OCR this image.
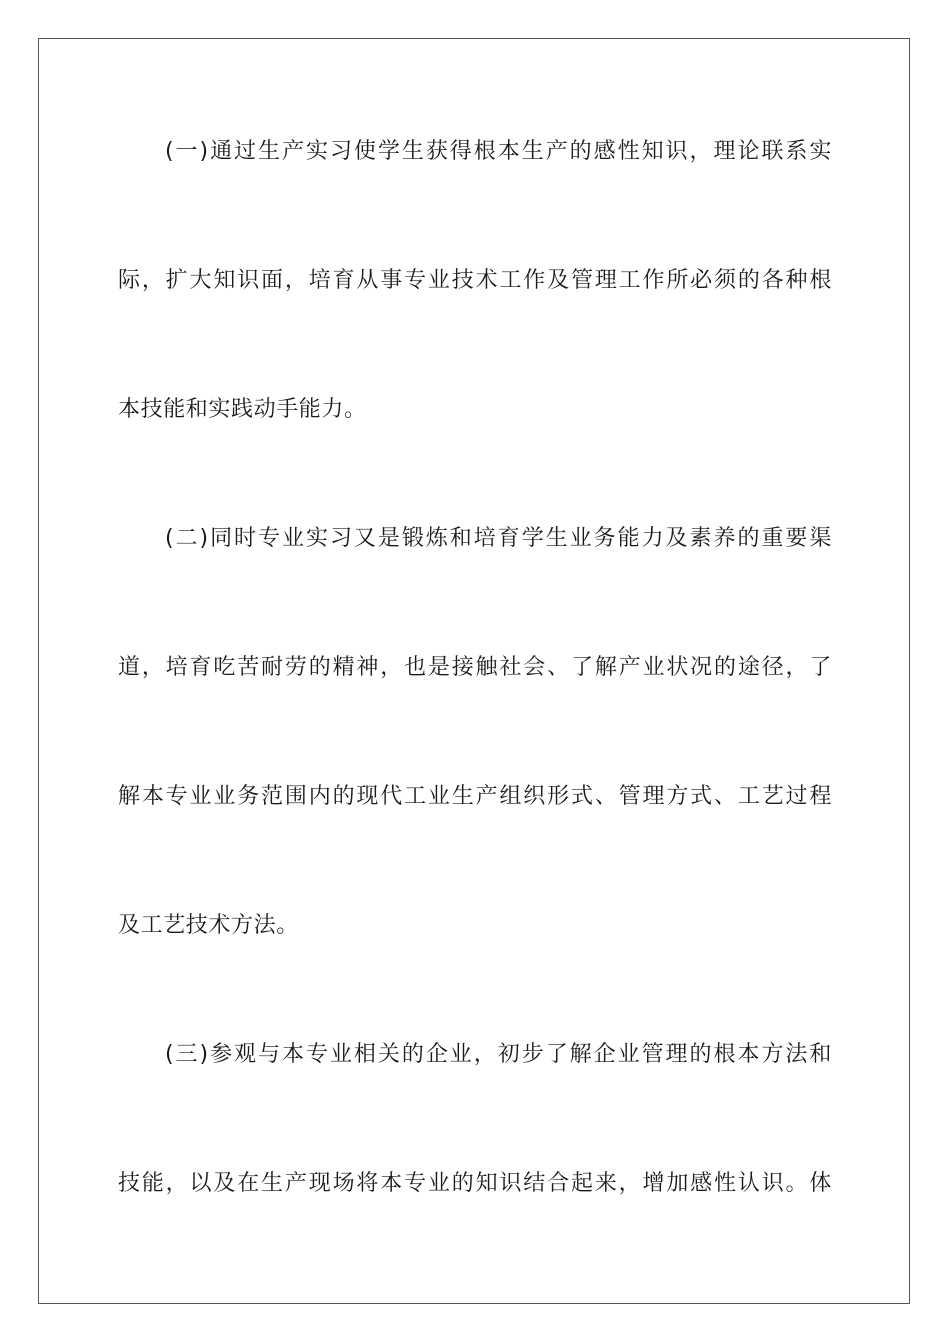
(一)通过生产实习使学生获得根本生产的感性知识，理论联系实
际，扩大知识面，培育从事专业技术工作及管理工作所必须的各种根
本技能和实践动手能力。
(二)同时专业实习又是锻炼和培育学生业务能力及素养的重要渠
道，培育吃苦耐劳的精神，也是接触社会、了解产业状况的途径，了
解本专业业务范围内的现代工业生产组织形式、管理方式、工艺过程
及工艺技术方法。
(三)参观与本专业相关的企业，初步了解企业管理的根本方法和
技能，以及在生产现场将本专业的知识结合起来，增加感性认识。体
